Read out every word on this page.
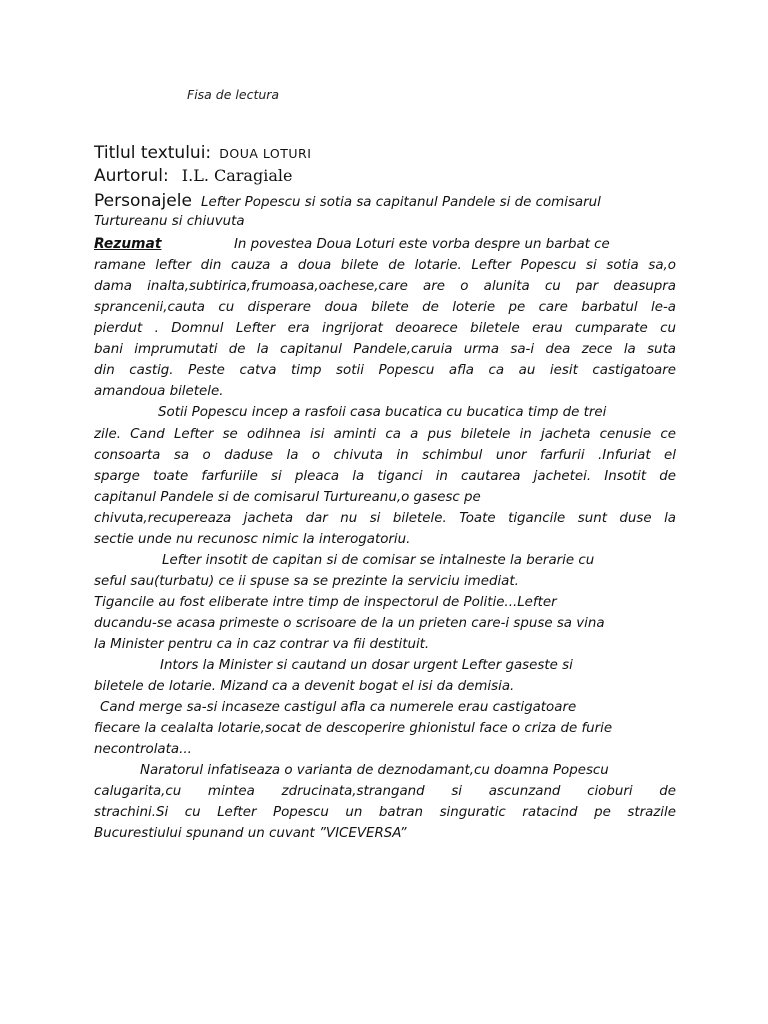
Fisa de lectura
Titlul textului: DOUA LOTURI
Aurtorul: I.L. Caragiale
Personajele Lefter Popescu si sotia sa capitanul Pandele si de comisarul
Turtureanu si chiuvuta
Rezumat	In povestea Doua Loturi este vorba despre un barbat ce
ramane lefter din cauza a doua bilete de lotarie. Lefter Popescu si sotia sa,o
dama inalta,subtirica,frumoasa,oachese,care are o alunita cu par deasupra
sprancenii,cauta cu disperare doua bilete de loterie pe care barbatul le-a
pierdut . Domnul Lefter era ingrijorat deoarece biletele erau cumparate cu
bani imprumutati de la capitanul Pandele,caruia urma sa-i dea zece la suta
din castig. Peste catva timp sotii Popescu afla ca au iesit castigatoare
amandoua biletele.
Sotii Popescu incep a rasfoii casa bucatica cu bucatica timp de trei
zile. Cand Lefter se odihnea isi aminti ca a pus biletele in jacheta cenusie ce
consoarta sa o daduse la o chivuta in schimbul unor farfurii .Infuriat el
sparge toate farfuriile si pleaca la tiganci in cautarea jachetei. Insotit de
capitanul Pandele si de comisarul Turtureanu,o gasesc pe
chivuta,recupereaza jacheta dar nu si biletele. Toate tigancile sunt duse la
sectie unde nu recunosc nimic la interogatoriu.
Lefter insotit de capitan si de comisar se intalneste la berarie cu
seful sau(turbatu) ce ii spuse sa se prezinte la serviciu imediat.
Tigancile au fost eliberate intre timp de inspectorul de Politie...Lefter
ducandu-se acasa primeste o scrisoare de la un prieten care-i spuse sa vina
la Minister pentru ca in caz contrar va fii destituit.
Intors la Minister si cautand un dosar urgent Lefter gaseste si
biletele de lotarie. Mizand ca a devenit bogat el isi da demisia.
Cand merge sa-si incaseze castigul afla ca numerele erau castigatoare
fiecare la cealalta lotarie,socat de descoperire ghionistul face o criza de furie
necontrolata...
Naratorul infatiseaza o varianta de deznodamant,cu doamna Popescu
calugarita,cu mintea zdrucinata,strangand si ascunzand cioburi de
strachini.Si cu Lefter Popescu un batran singuratic ratacind pe strazile
Bucurestiului spunand un cuvant ”VICEVERSA”
